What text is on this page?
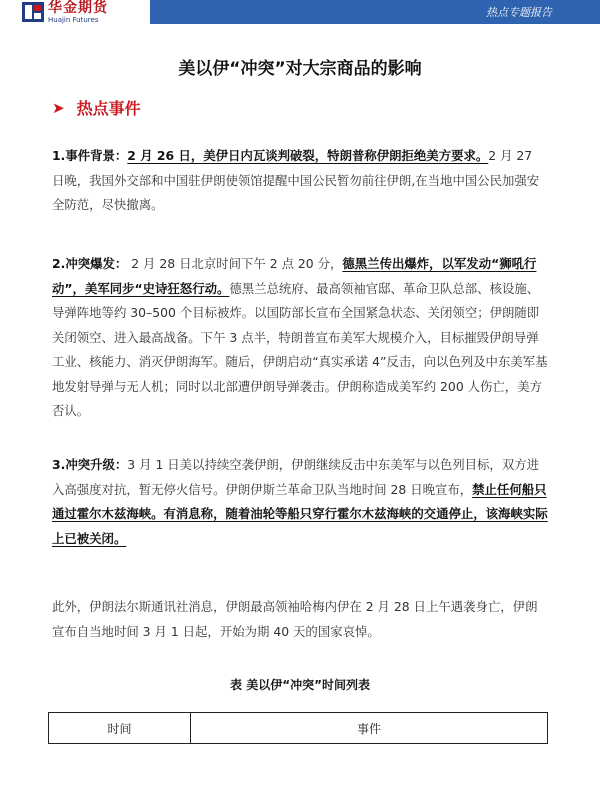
华金期货
Huajin Futures
热点专题报告
美以伊“冲突”对大宗商品的影响
➤ 热点事件
1.事件背景：2 月 26 日，美伊日内瓦谈判破裂，特朗普称伊朗拒绝美方要求。2 月 27 日晚，我国外交部和中国驻伊朗使领馆提醒中国公民暂勿前往伊朗,在当地中国公民加强安全防范，尽快撤离。
2.冲突爆发： 2 月 28 日北京时间下午 2 点 20 分，德黑兰传出爆炸，以军发动“狮吼行动”，美军同步“史诗狂怒行动。德黑兰总统府、最高领袖官邸、革命卫队总部、核设施、导弹阵地等约 30–500 个目标被炸。以国防部长宣布全国紧急状态、关闭领空；伊朗随即关闭领空、进入最高战备。下午 3 点半，特朗普宣布美军大规模介入，目标摧毁伊朗导弹工业、核能力、消灭伊朗海军。随后，伊朗启动“真实承诺 4”反击，向以色列及中东美军基地发射导弹与无人机；同时以北部遭伊朗导弹袭击。伊朗称造成美军约 200 人伤亡，美方否认。
3.冲突升级：3 月 1 日美以持续空袭伊朗，伊朗继续反击中东美军与以色列目标，双方进入高强度对抗，暂无停火信号。伊朗伊斯兰革命卫队当地时间 28 日晚宣布，禁止任何船只通过霍尔木兹海峡。有消息称，随着油轮等船只穿行霍尔木兹海峡的交通停止，该海峡实际上已被关闭。
此外，伊朗法尔斯通讯社消息，伊朗最高领袖哈梅内伊在 2 月 28 日上午遇袭身亡，伊朗宣布自当地时间 3 月 1 日起，开始为期 40 天的国家哀悼。
表 美以伊“冲突”时间列表
时间	事件
